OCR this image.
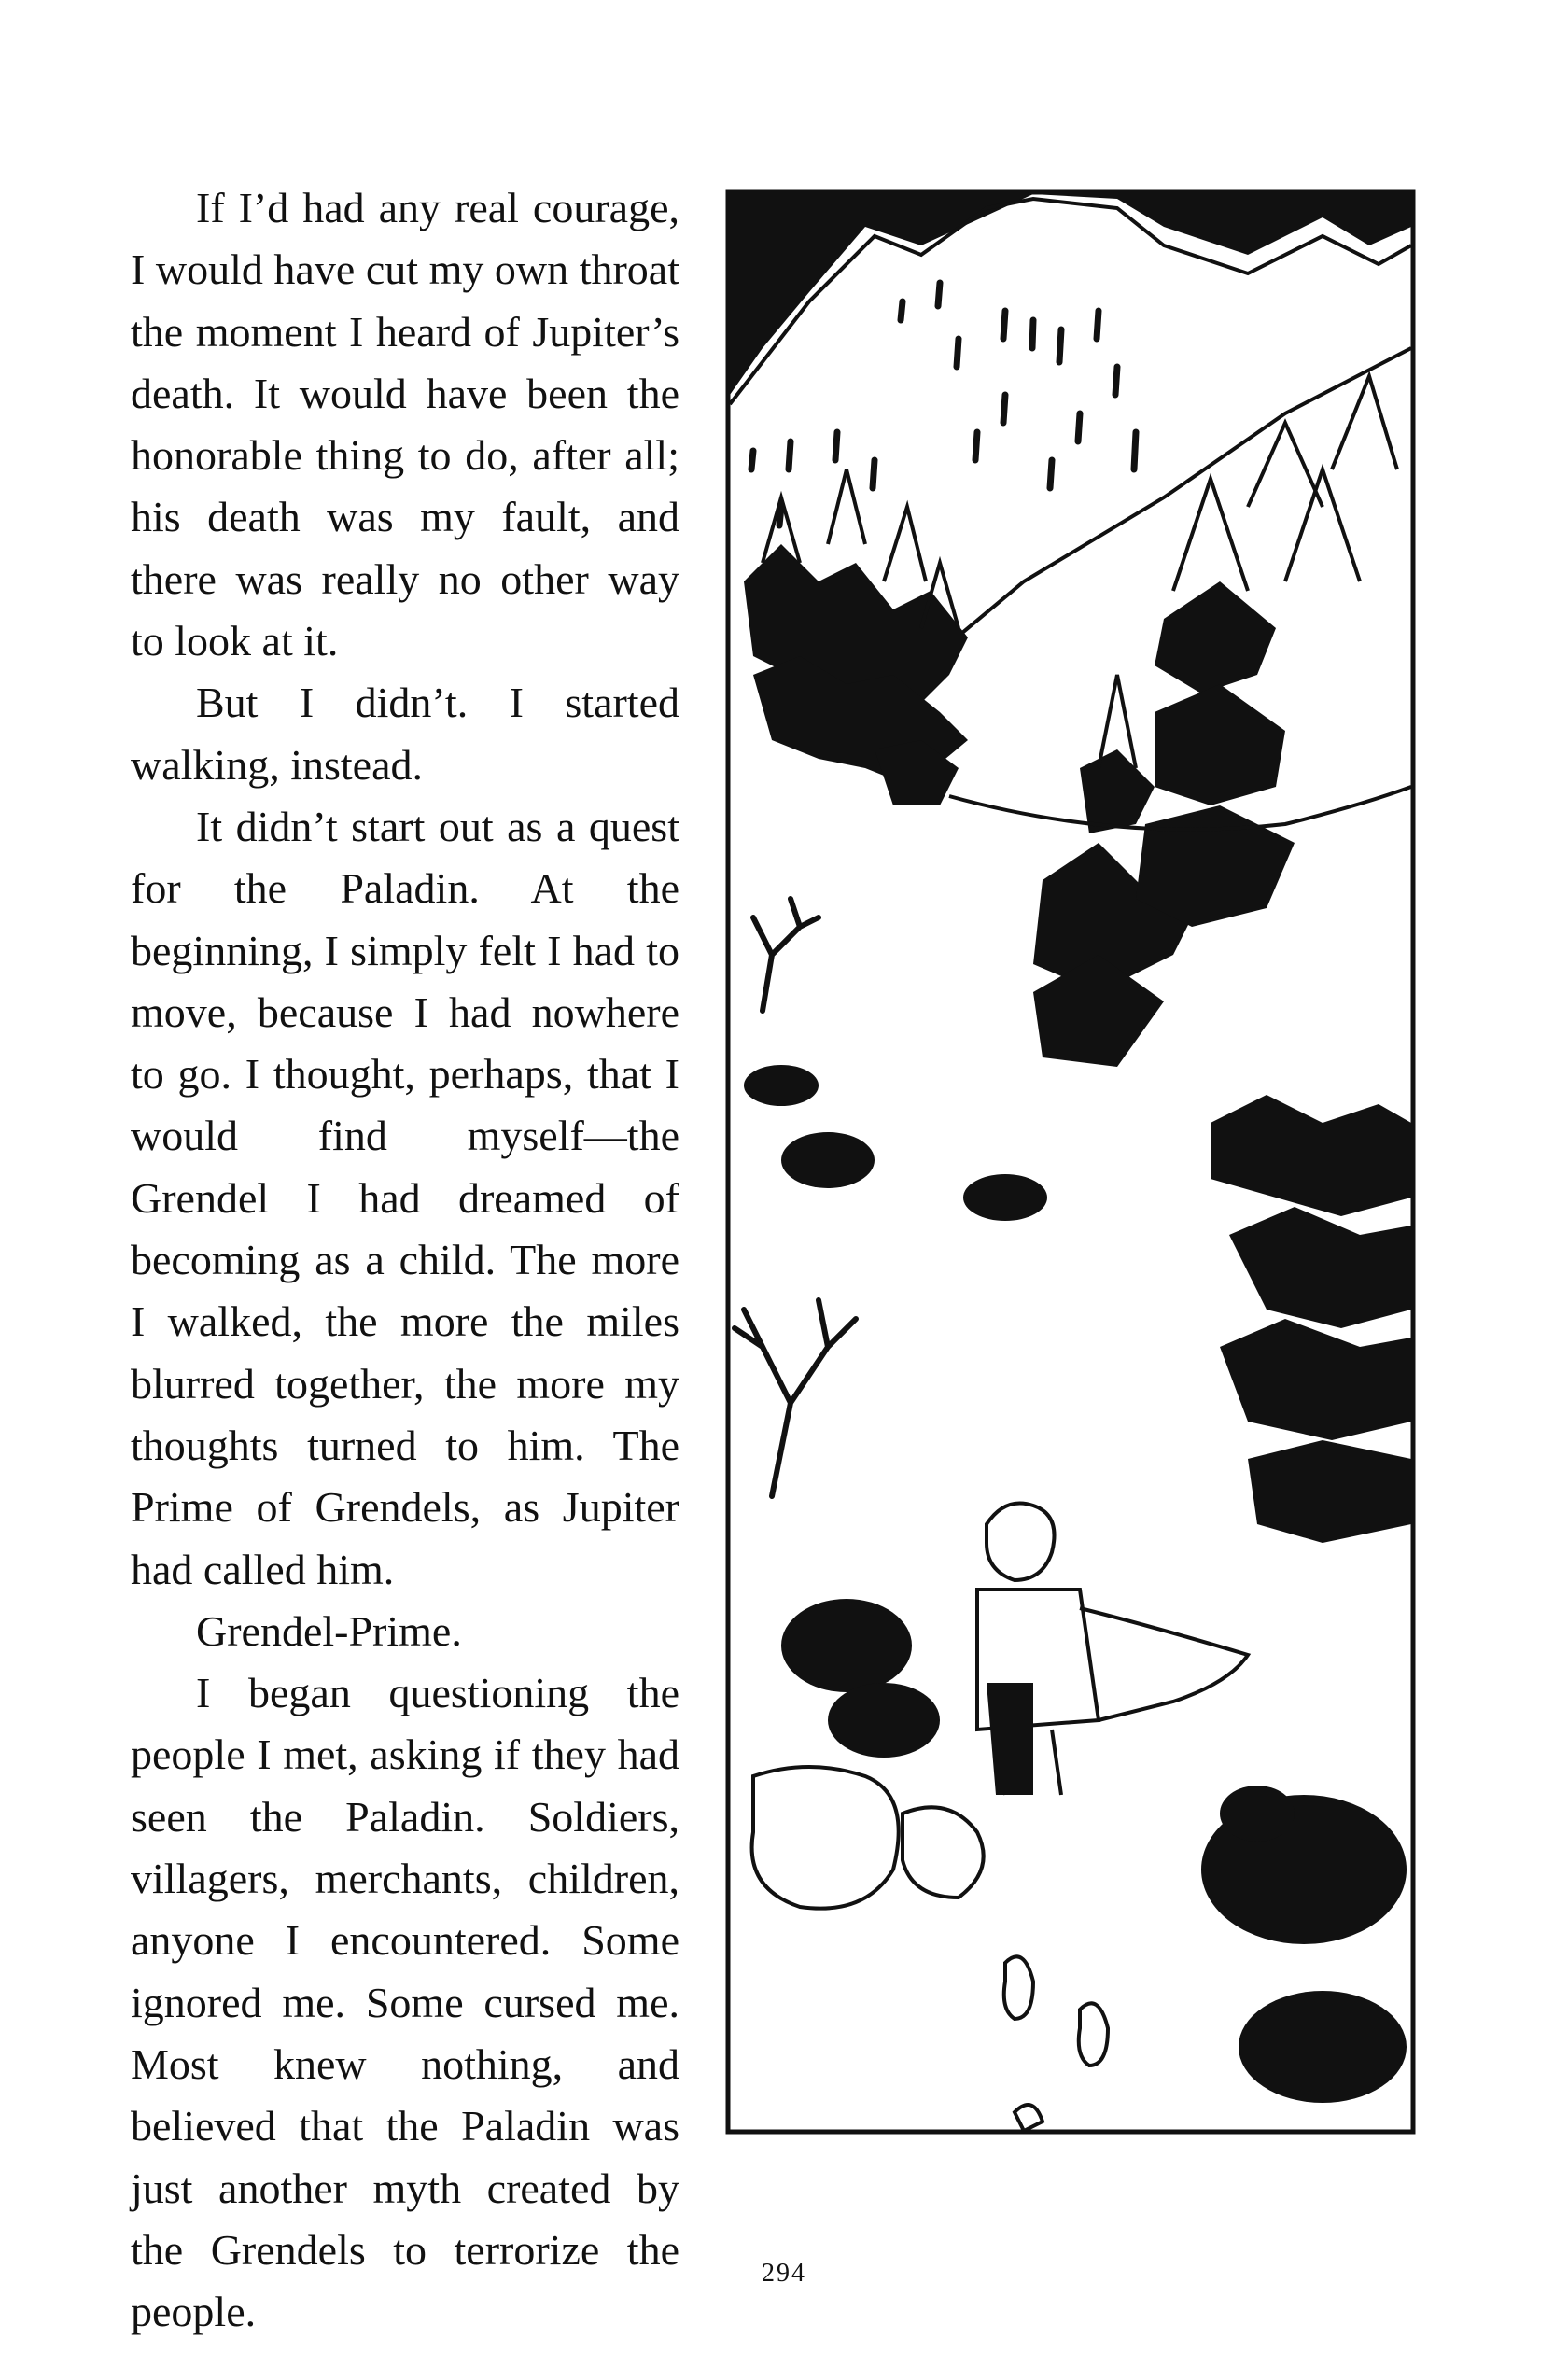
If I’d had any real courage, I would have cut my own throat the moment I heard of Jupiter’s death. It would have been the honorable thing to do, after all; his death was my fault, and there was really no other way to look at it.

But I didn’t. I started walking, instead.

It didn’t start out as a quest for the Paladin. At the beginning, I simply felt I had to move, because I had nowhere to go. I thought, perhaps, that I would find myself—the Grendel I had dreamed of becoming as a child. The more I walked, the more the miles blurred together, the more my thoughts turned to him. The Prime of Grendels, as Jupiter had called him.

Grendel-Prime.

I began questioning the people I met, asking if they had seen the Paladin. Soldiers, villagers, merchants, children, anyone I encountered. Some ignored me. Some cursed me. Most knew nothing, and believed that the Paladin was just another myth created by the Grendels to terrorize the people.

294
